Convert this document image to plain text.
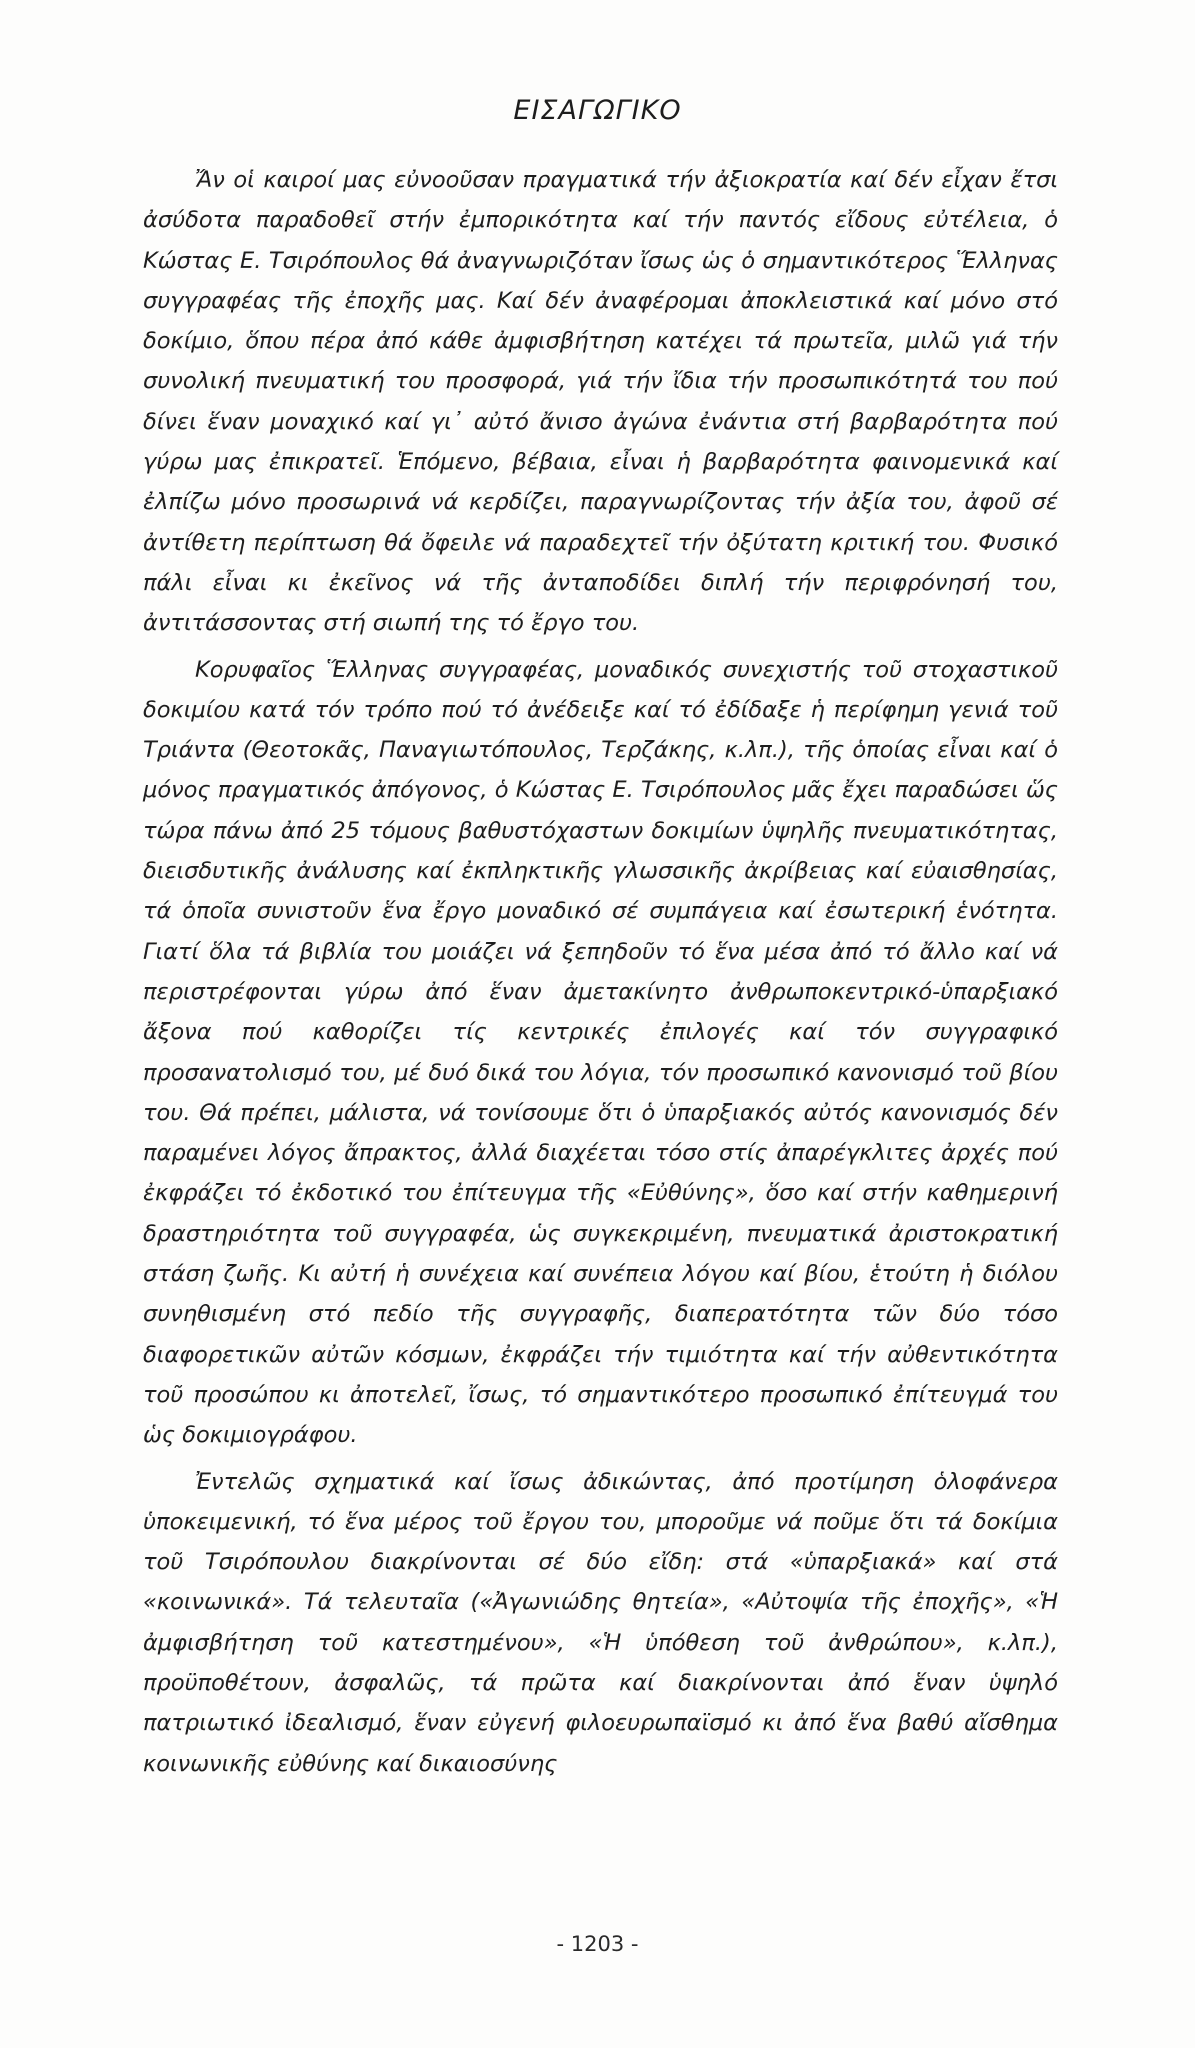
ΕΙΣΑΓΩΓΙΚΟ

Ἄν οἱ καιροί μας εὐνοοῦσαν πραγματικά τήν ἀξιοκρατία καί δέν εἶχαν ἔτσι ἀσύδοτα παραδοθεῖ στήν ἐμπορικότητα καί τήν παντός εἴδους εὐτέλεια, ὁ Κώστας Ε. Τσιρόπουλος θά ἀναγνωριζόταν ἴσως ὡς ὁ σημαντικότερος Ἕλληνας συγγραφέας τῆς ἐποχῆς μας. Καί δέν ἀναφέρομαι ἀποκλειστικά καί μόνο στό δοκίμιο, ὅπου πέρα ἀπό κάθε ἀμφισβήτηση κατέχει τά πρωτεῖα, μιλῶ γιά τήν συνολική πνευματική του προσφορά, γιά τήν ἴδια τήν προσωπικότητά του πού δίνει ἕναν μοναχικό καί γι᾿ αὐτό ἄνισο ἀγώνα ἐνάντια στή βαρβαρότητα πού γύρω μας ἐπικρατεῖ. Ἑπόμενο, βέβαια, εἶναι ἡ βαρβαρότητα φαινομενικά καί ἐλπίζω μόνο προσωρινά νά κερδίζει, παραγνωρίζοντας τήν ἀξία του, ἀφοῦ σέ ἀντίθετη περίπτωση θά ὄφειλε νά παραδεχτεῖ τήν ὀξύτατη κριτική του. Φυσικό πάλι εἶναι κι ἐκεῖνος νά τῆς ἀνταποδίδει διπλή τήν περιφρόνησή του, ἀντιτάσσοντας στή σιωπή της τό ἔργο του.

Κορυφαῖος Ἕλληνας συγγραφέας, μοναδικός συνεχιστής τοῦ στοχαστικοῦ δοκιμίου κατά τόν τρόπο πού τό ἀνέδειξε καί τό ἐδίδαξε ἡ περίφημη γενιά τοῦ Τριάντα (Θεοτοκᾶς, Παναγιωτόπουλος, Τερζάκης, κ.λπ.), τῆς ὁποίας εἶναι καί ὁ μόνος πραγματικός ἀπόγονος, ὁ Κώστας Ε. Τσιρόπουλος μᾶς ἔχει παραδώσει ὥς τώρα πάνω ἀπό 25 τόμους βαθυστόχαστων δοκιμίων ὑψηλῆς πνευματικότητας, διεισδυτικῆς ἀνάλυσης καί ἐκπληκτικῆς γλωσσικῆς ἀκρίβειας καί εὐαισθησίας, τά ὁποῖα συνιστοῦν ἕνα ἔργο μοναδικό σέ συμπάγεια καί ἐσωτερική ἑνότητα. Γιατί ὅλα τά βιβλία του μοιάζει νά ξεπηδοῦν τό ἕνα μέσα ἀπό τό ἄλλο καί νά περιστρέφονται γύρω ἀπό ἕναν ἀμετακίνητο ἀνθρωποκεντρικό-ὑπαρξιακό ἄξονα πού καθορίζει τίς κεντρικές ἐπιλογές καί τόν συγγραφικό προσανατολισμό του, μέ δυό δικά του λόγια, τόν προσωπικό κανονισμό τοῦ βίου του. Θά πρέπει, μάλιστα, νά τονίσουμε ὅτι ὁ ὑπαρξιακός αὐτός κανονισμός δέν παραμένει λόγος ἄπρακτος, ἀλλά διαχέεται τόσο στίς ἀπαρέγκλιτες ἀρχές πού ἐκφράζει τό ἐκδοτικό του ἐπίτευγμα τῆς «Εὐθύνης», ὅσο καί στήν καθημερινή δραστηριότητα τοῦ συγγραφέα, ὡς συγκεκριμένη, πνευματικά ἀριστοκρατική στάση ζωῆς. Κι αὐτή ἡ συνέχεια καί συνέπεια λόγου καί βίου, ἑτούτη ἡ διόλου συνηθισμένη στό πεδίο τῆς συγγραφῆς, διαπερατότητα τῶν δύο τόσο διαφορετικῶν αὐτῶν κόσμων, ἐκφράζει τήν τιμιότητα καί τήν αὐθεντικότητα τοῦ προσώπου κι ἀποτελεῖ, ἴσως, τό σημαντικότερο προσωπικό ἐπίτευγμά του ὡς δοκιμιογράφου.

Ἐντελῶς σχηματικά καί ἴσως ἀδικώντας, ἀπό προτίμηση ὁλοφάνερα ὑποκειμενική, τό ἕνα μέρος τοῦ ἔργου του, μποροῦμε νά ποῦμε ὅτι τά δοκίμια τοῦ Τσιρόπουλου διακρίνονται σέ δύο εἴδη: στά «ὑπαρξιακά» καί στά «κοινωνικά». Τά τελευταῖα («Ἀγωνιώδης θητεία», «Αὐτοψία τῆς ἐποχῆς», «Ἡ ἀμφισβήτηση τοῦ κατεστημένου», «Ἡ ὑπόθεση τοῦ ἀνθρώπου», κ.λπ.), προϋποθέτουν, ἀσφαλῶς, τά πρῶτα καί διακρίνονται ἀπό ἕναν ὑψηλό πατριωτικό ἰδεαλισμό, ἕναν εὐγενή φιλοευρωπαϊσμό κι ἀπό ἕνα βαθύ αἴσθημα κοινωνικῆς εὐθύνης καί δικαιοσύνης

- 1203 -
